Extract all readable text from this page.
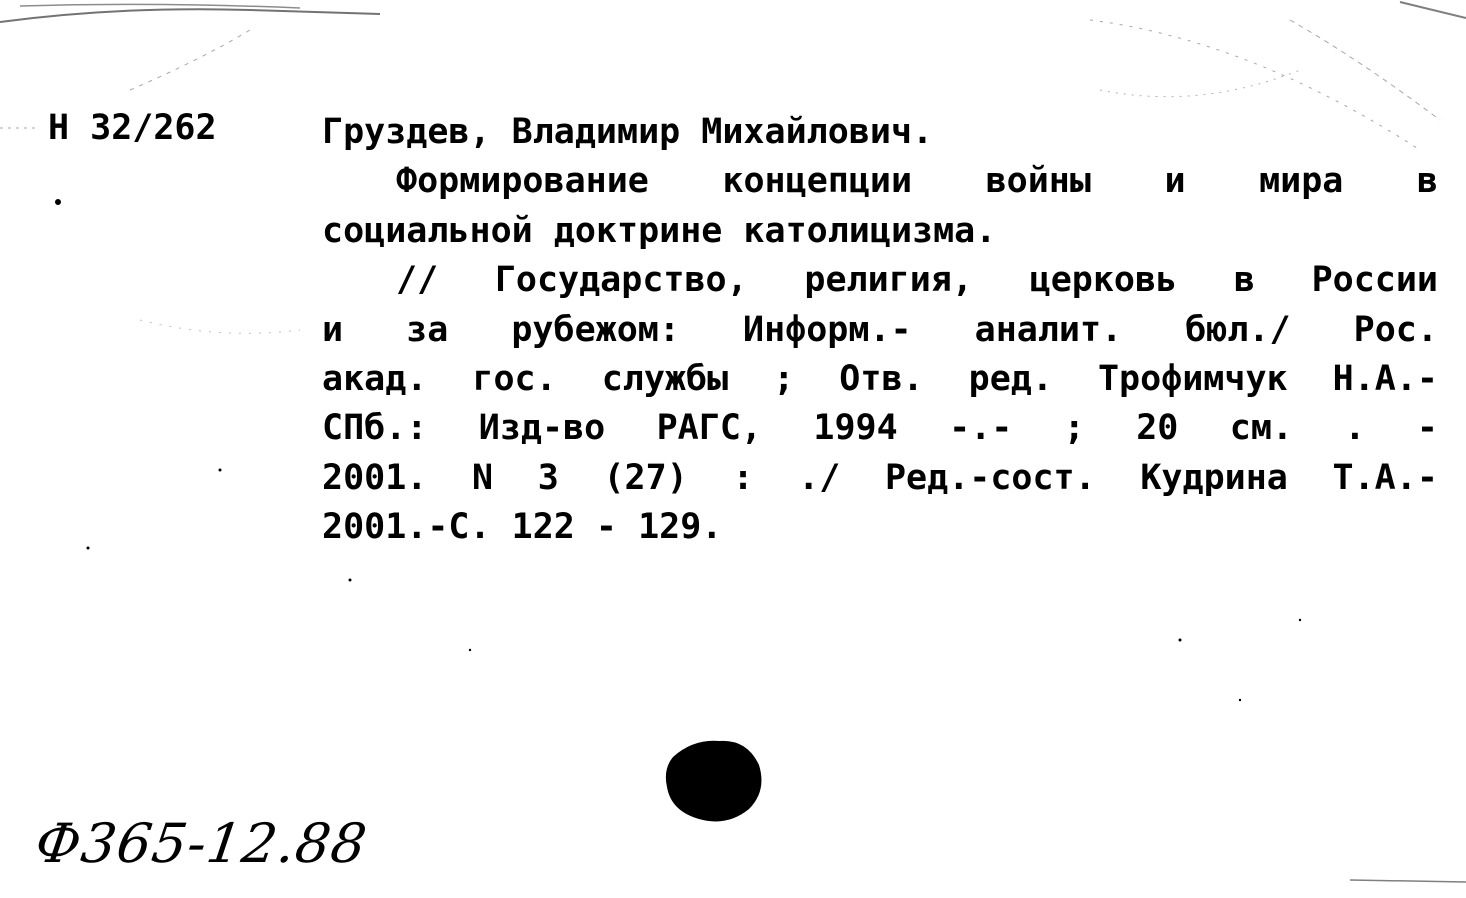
Н 32/262	Груздев, Владимир Михайлович.
Формирование концепции войны и мира в
социальной доктрине католицизма.
// Государство, религия, церковь в России
и за рубежом: Информ.- аналит. бюл./ Рос.
акад. гос. службы ; Отв. ред. Трофимчук Н.А.-
СПб.: Изд-во РАГС, 1994 -.- ; 20 см. . -
2001. N 3 (27) : ./ Ред.-сост. Кудрина Т.А.-
2001.-С. 122 - 129.
Ф365-12.88
